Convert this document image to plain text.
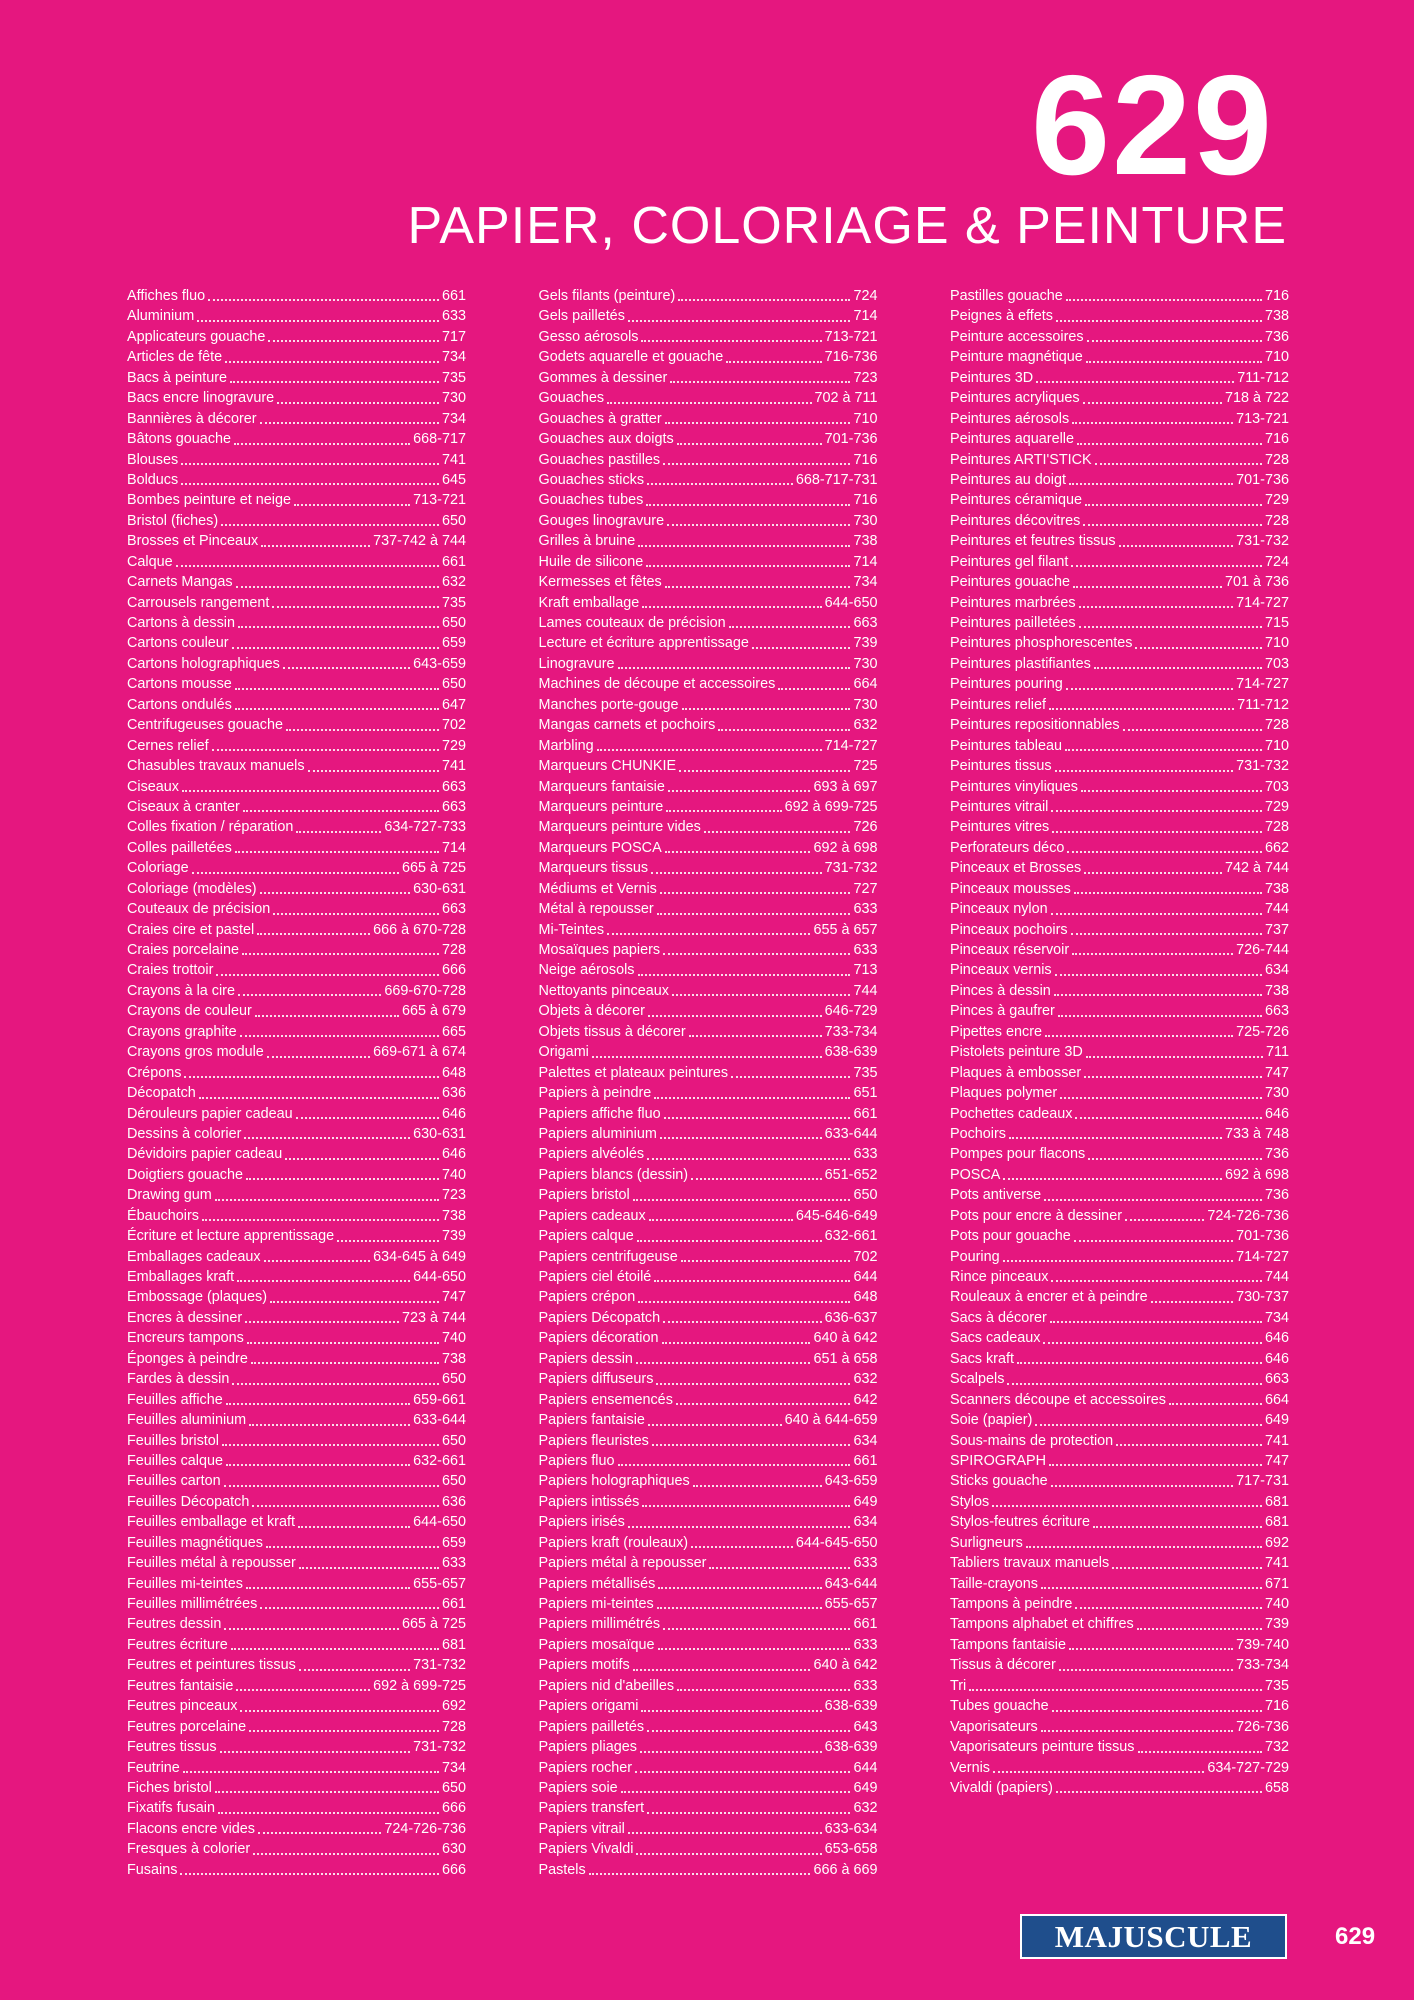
629
PAPIER, COLORIAGE & PEINTURE
Affiches fluo	661
Aluminium	633
Applicateurs gouache	717
Articles de fête	734
Bacs à peinture	735
Bacs encre linogravure	730
Bannières à décorer	734
Bâtons gouache	668-717
Blouses	741
Bolducs	645
Bombes peinture et neige	713-721
Bristol (fiches)	650
Brosses et Pinceaux	737-742 à 744
Calque	661
Carnets Mangas	632
Carrousels rangement	735
Cartons à dessin	650
Cartons couleur	659
Cartons holographiques	643-659
Cartons mousse	650
Cartons ondulés	647
Centrifugeuses gouache	702
Cernes relief	729
Chasubles travaux manuels	741
Ciseaux	663
Ciseaux à cranter	663
Colles fixation / réparation	634-727-733
Colles pailletées	714
Coloriage	665 à 725
Coloriage (modèles)	630-631
Couteaux de précision	663
Craies cire et pastel	666 à 670-728
Craies porcelaine	728
Craies trottoir	666
Crayons à la cire	669-670-728
Crayons de couleur	665 à 679
Crayons graphite	665
Crayons gros module	669-671 à 674
Crépons	648
Décopatch	636
Dérouleurs papier cadeau	646
Dessins à colorier	630-631
Dévidoirs papier cadeau	646
Doigtiers gouache	740
Drawing gum	723
Ébauchoirs	738
Écriture et lecture apprentissage	739
Emballages cadeaux	634-645 à 649
Emballages kraft	644-650
Embossage (plaques)	747
Encres à dessiner	723 à 744
Encreurs tampons	740
Éponges à peindre	738
Fardes à dessin	650
Feuilles affiche	659-661
Feuilles aluminium	633-644
Feuilles bristol	650
Feuilles calque	632-661
Feuilles carton	650
Feuilles Décopatch	636
Feuilles emballage et kraft	644-650
Feuilles magnétiques	659
Feuilles métal à repousser	633
Feuilles mi-teintes	655-657
Feuilles millimétrées	661
Feutres dessin	665 à 725
Feutres écriture	681
Feutres et peintures tissus	731-732
Feutres fantaisie	692 à 699-725
Feutres pinceaux	692
Feutres porcelaine	728
Feutres tissus	731-732
Feutrine	734
Fiches bristol	650
Fixatifs fusain	666
Flacons encre vides	724-726-736
Fresques à colorier	630
Fusains	666
Gels filants (peinture)	724
Gels pailletés	714
Gesso aérosols	713-721
Godets aquarelle et gouache	716-736
Gommes à dessiner	723
Gouaches	702 à 711
Gouaches à gratter	710
Gouaches aux doigts	701-736
Gouaches pastilles	716
Gouaches sticks	668-717-731
Gouaches tubes	716
Gouges linogravure	730
Grilles à bruine	738
Huile de silicone	714
Kermesses et fêtes	734
Kraft emballage	644-650
Lames couteaux de précision	663
Lecture et écriture apprentissage	739
Linogravure	730
Machines de découpe et accessoires	664
Manches porte-gouge	730
Mangas carnets et pochoirs	632
Marbling	714-727
Marqueurs CHUNKIE	725
Marqueurs fantaisie	693 à 697
Marqueurs peinture	692 à 699-725
Marqueurs peinture vides	726
Marqueurs POSCA	692 à 698
Marqueurs tissus	731-732
Médiums et Vernis	727
Métal à repousser	633
Mi-Teintes	655 à 657
Mosaïques papiers	633
Neige aérosols	713
Nettoyants pinceaux	744
Objets à décorer	646-729
Objets tissus à décorer	733-734
Origami	638-639
Palettes et plateaux peintures	735
Papiers à peindre	651
Papiers affiche fluo	661
Papiers aluminium	633-644
Papiers alvéolés	633
Papiers blancs (dessin)	651-652
Papiers bristol	650
Papiers cadeaux	645-646-649
Papiers calque	632-661
Papiers centrifugeuse	702
Papiers ciel étoilé	644
Papiers crépon	648
Papiers Décopatch	636-637
Papiers décoration	640 à 642
Papiers dessin	651 à 658
Papiers diffuseurs	632
Papiers ensemencés	642
Papiers fantaisie	640 à 644-659
Papiers fleuristes	634
Papiers fluo	661
Papiers holographiques	643-659
Papiers intissés	649
Papiers irisés	634
Papiers kraft (rouleaux)	644-645-650
Papiers métal à repousser	633
Papiers métallisés	643-644
Papiers mi-teintes	655-657
Papiers millimétrés	661
Papiers mosaïque	633
Papiers motifs	640 à 642
Papiers nid d'abeilles	633
Papiers origami	638-639
Papiers pailletés	643
Papiers pliages	638-639
Papiers rocher	644
Papiers soie	649
Papiers transfert	632
Papiers vitrail	633-634
Papiers Vivaldi	653-658
Pastels	666 à 669
Pastilles gouache	716
Peignes à effets	738
Peinture accessoires	736
Peinture magnétique	710
Peintures 3D	711-712
Peintures acryliques	718 à 722
Peintures aérosols	713-721
Peintures aquarelle	716
Peintures ARTI'STICK	728
Peintures au doigt	701-736
Peintures céramique	729
Peintures décovitres	728
Peintures et feutres tissus	731-732
Peintures gel filant	724
Peintures gouache	701 à 736
Peintures marbrées	714-727
Peintures pailletées	715
Peintures phosphorescentes	710
Peintures plastifiantes	703
Peintures pouring	714-727
Peintures relief	711-712
Peintures repositionnables	728
Peintures tableau	710
Peintures tissus	731-732
Peintures vinyliques	703
Peintures vitrail	729
Peintures vitres	728
Perforateurs déco	662
Pinceaux et Brosses	742 à 744
Pinceaux mousses	738
Pinceaux nylon	744
Pinceaux pochoirs	737
Pinceaux réservoir	726-744
Pinceaux vernis	634
Pinces à dessin	738
Pinces à gaufrer	663
Pipettes encre	725-726
Pistolets peinture 3D	711
Plaques à embosser	747
Plaques polymer	730
Pochettes cadeaux	646
Pochoirs	733 à 748
Pompes pour flacons	736
POSCA	692 à 698
Pots antiverse	736
Pots pour encre à dessiner	724-726-736
Pots pour gouache	701-736
Pouring	714-727
Rince pinceaux	744
Rouleaux à encrer et à peindre	730-737
Sacs à décorer	734
Sacs cadeaux	646
Sacs kraft	646
Scalpels	663
Scanners découpe et accessoires	664
Soie (papier)	649
Sous-mains de protection	741
SPIROGRAPH	747
Sticks gouache	717-731
Stylos	681
Stylos-feutres écriture	681
Surligneurs	692
Tabliers travaux manuels	741
Taille-crayons	671
Tampons à peindre	740
Tampons alphabet et chiffres	739
Tampons fantaisie	739-740
Tissus à décorer	733-734
Tri	735
Tubes gouache	716
Vaporisateurs	726-736
Vaporisateurs peinture tissus	732
Vernis	634-727-729
Vivaldi (papiers)	658
MAJUSCULE	629
